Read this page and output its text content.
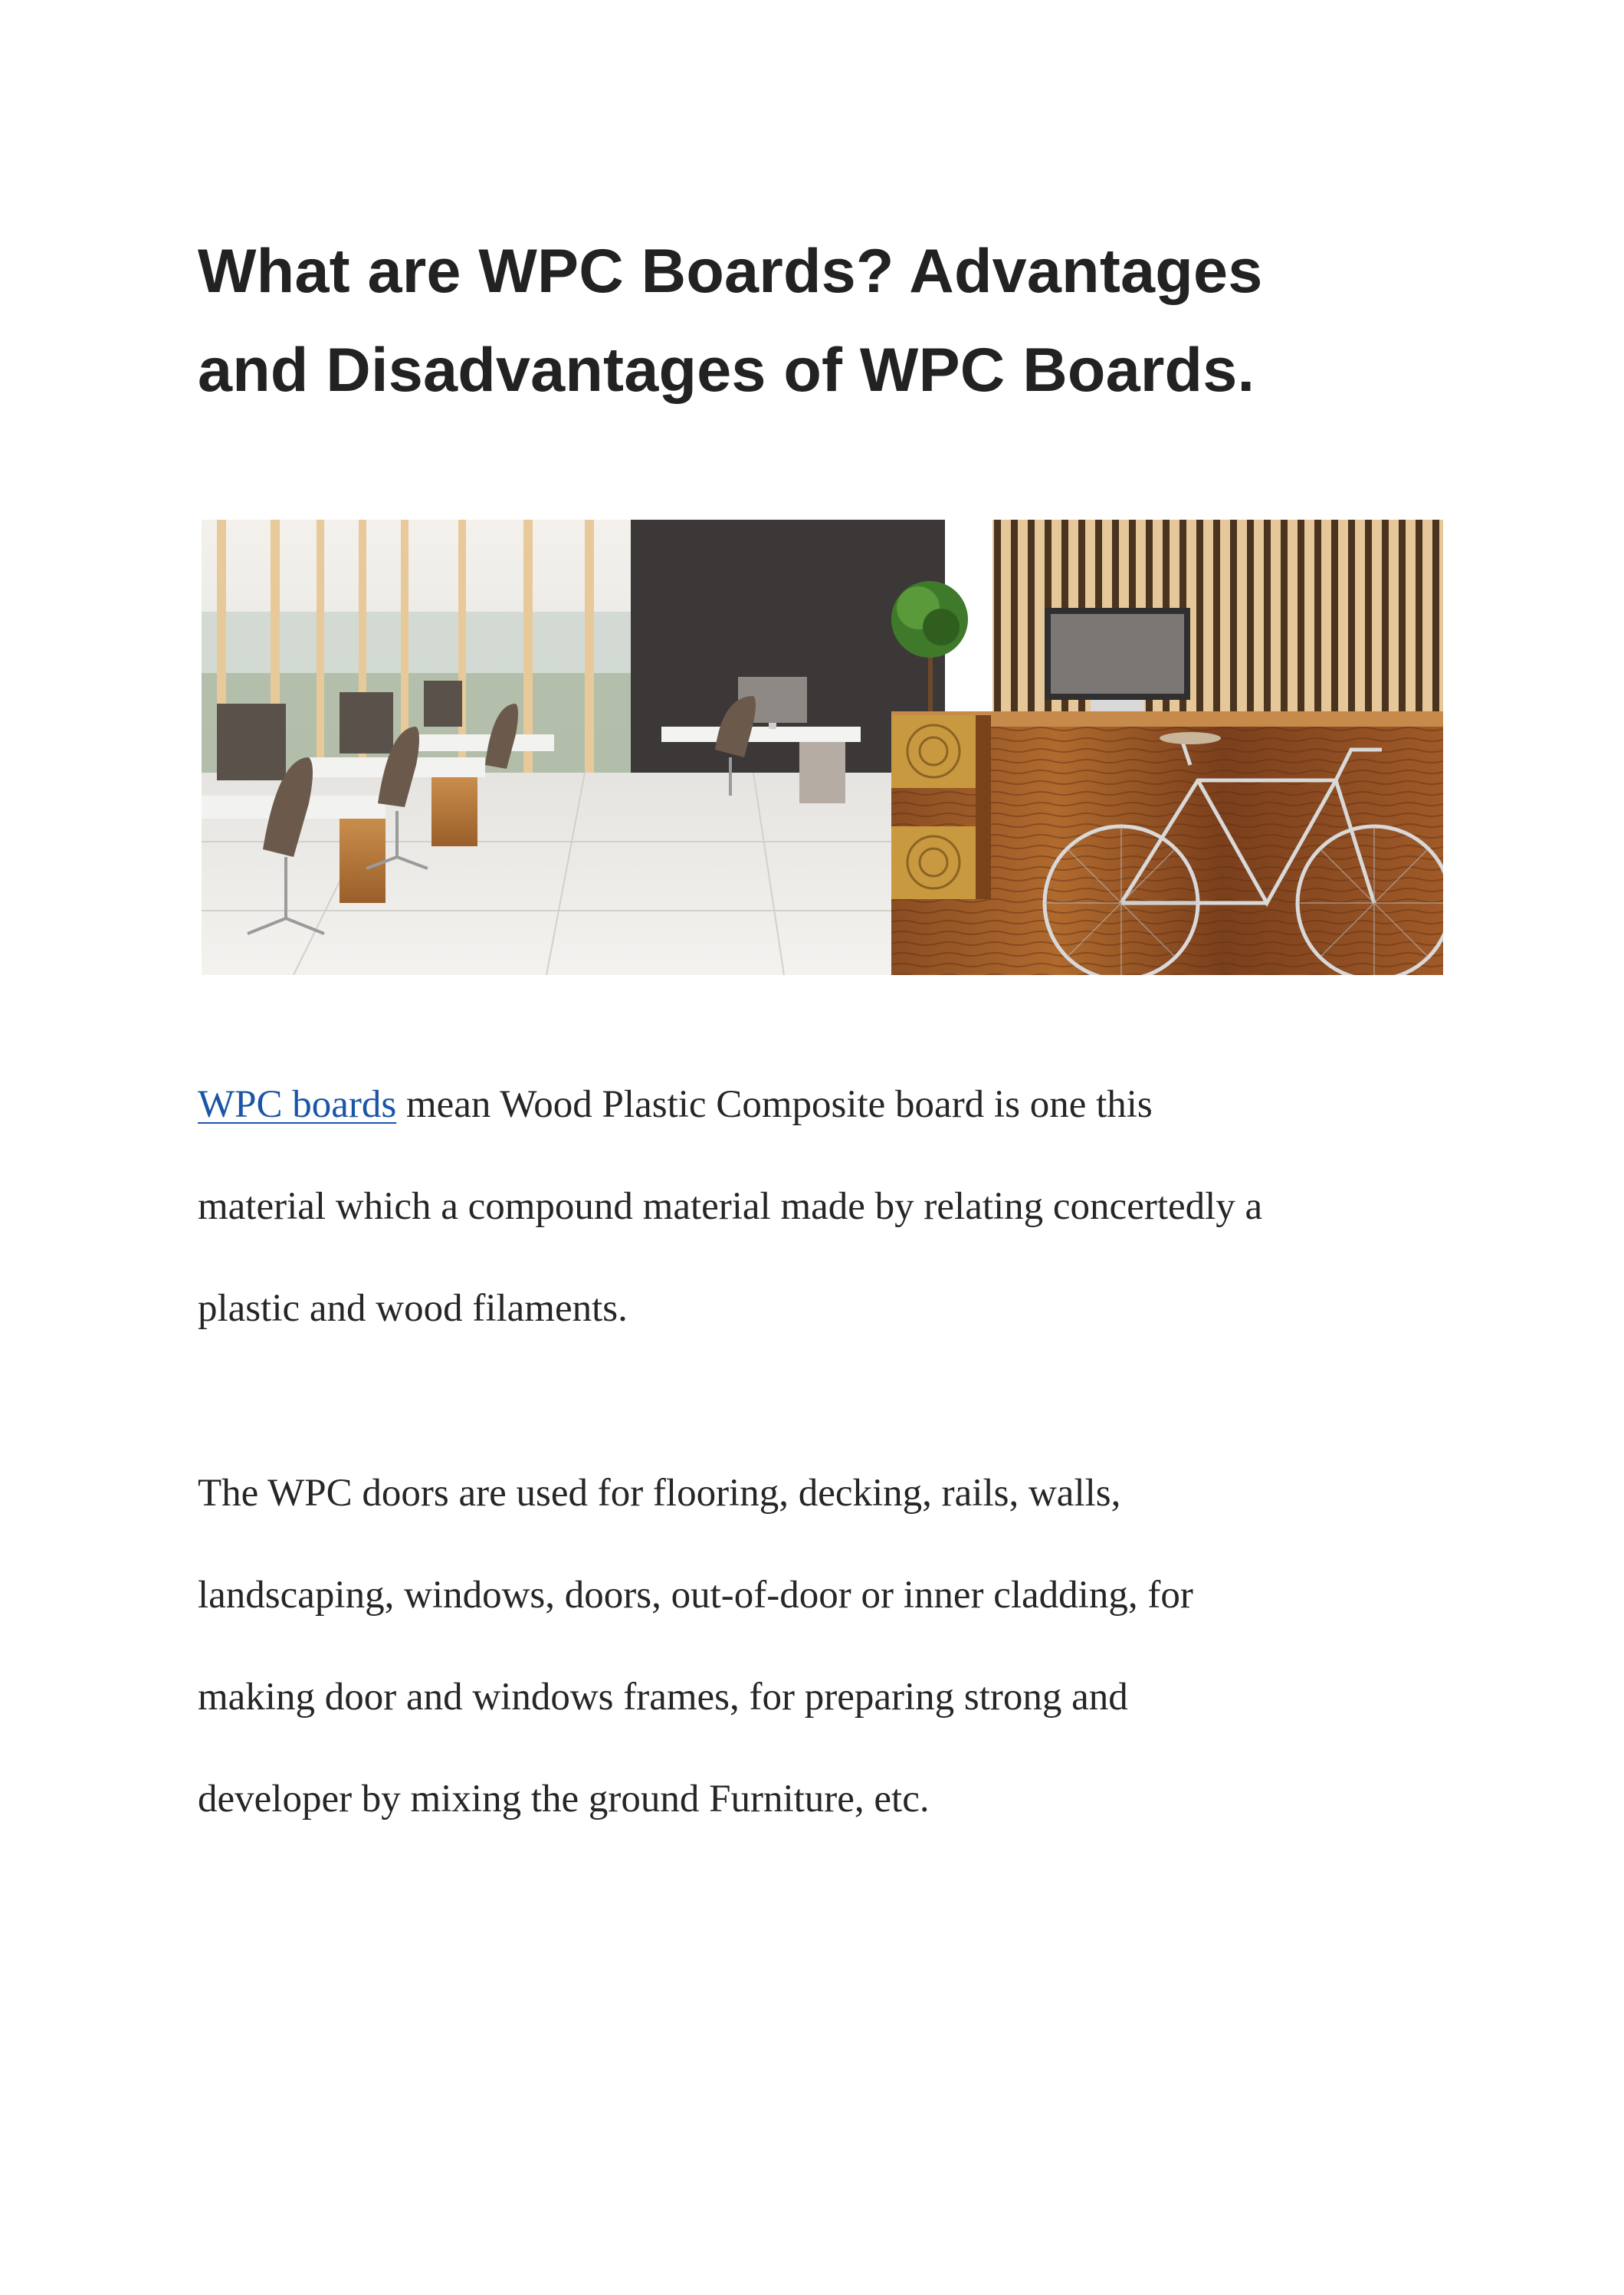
What are WPC Boards? Advantages
and Disadvantages of WPC Boards.

WPC boards mean Wood Plastic Composite board is one this
material which a compound material made by relating concertedly a
plastic and wood filaments.

The WPC doors are used for flooring, decking, rails, walls,
landscaping, windows, doors, out-of-door or inner cladding, for
making door and windows frames, for preparing strong and
developer by mixing the ground Furniture, etc.
